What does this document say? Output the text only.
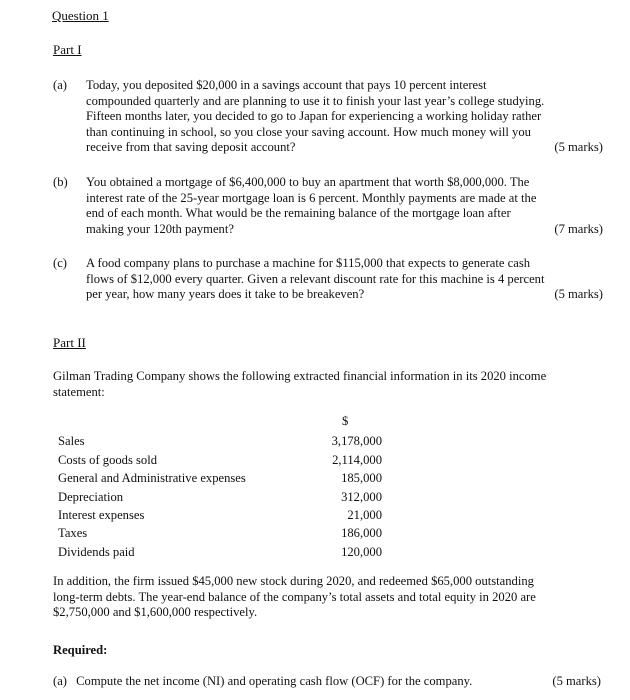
Question 1
Part I
(a)	Today, you deposited $20,000 in a savings account that pays 10 percent interest
compounded quarterly and are planning to use it to finish your last year’s college studying.
Fifteen months later, you decided to go to Japan for experiencing a working holiday rather
than continuing in school, so you close your saving account. How much money will you
receive from that saving deposit account?	(5 marks)
(b)	You obtained a mortgage of $6,400,000 to buy an apartment that worth $8,000,000. The
interest rate of the 25-year mortgage loan is 6 percent. Monthly payments are made at the
end of each month. What would be the remaining balance of the mortgage loan after
making your 120th payment?	(7 marks)
(c)	A food company plans to purchase a machine for $115,000 that expects to generate cash
flows of $12,000 every quarter. Given a relevant discount rate for this machine is 4 percent
per year, how many years does it take to be breakeven?	(5 marks)
Part II
Gilman Trading Company shows the following extracted financial information in its 2020 income
statement:
$
Sales	3,178,000
Costs of goods sold	2,114,000
General and Administrative expenses	185,000
Depreciation	312,000
Interest expenses	21,000
Taxes	186,000
Dividends paid	120,000
In addition, the firm issued $45,000 new stock during 2020, and redeemed $65,000 outstanding
long-term debts. The year-end balance of the company’s total assets and total equity in 2020 are
$2,750,000 and $1,600,000 respectively.
Required:
(a) Compute the net income (NI) and operating cash flow (OCF) for the company.	(5 marks)
